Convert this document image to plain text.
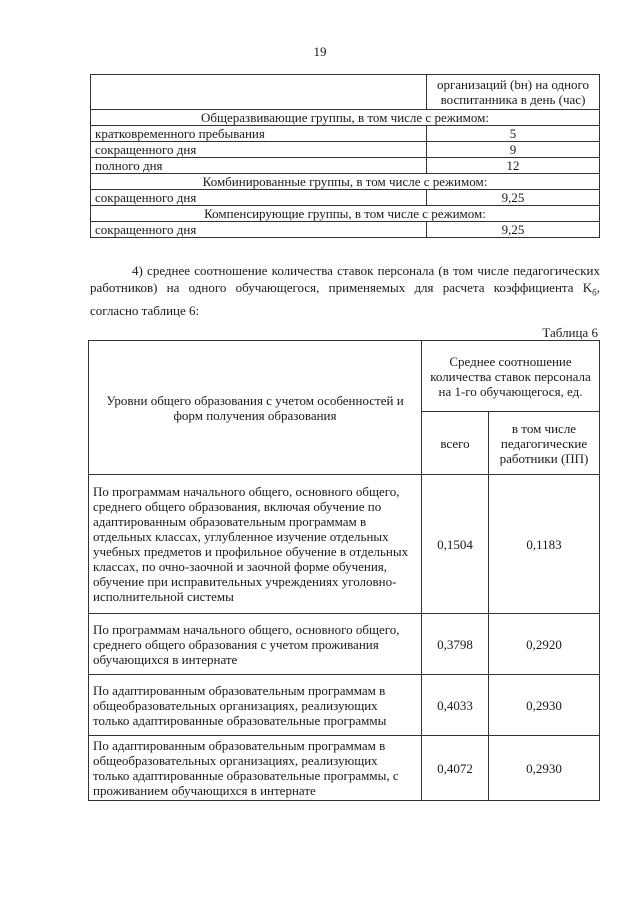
19
	организаций (bн) на одного воспитанника в день (час)
Общеразвивающие группы, в том числе с режимом:	
кратковременного пребывания	5
сокращенного дня	9
полного дня	12
Комбинированные группы, в том числе с режимом:	
сокращенного дня	9,25
Компенсирующие группы, в том числе с режимом:	
сокращенного дня	9,25
4) среднее соотношение количества ставок персонала (в том числе педагогических работников) на одного обучающегося, применяемых для расчета коэффициента $K_б$, согласно таблице 6:
Таблица 6
Уровни общего образования с учетом особенностей и форм получения образования	Среднее соотношение количества ставок персонала на 1-го обучающегося, ед.	
	всего	в том числе педагогические работники (ПП)
По программам начального общего, основного общего, среднего общего образования, включая обучение по адаптированным образовательным программам в отдельных классах, углубленное изучение отдельных учебных предметов и профильное обучение в отдельных классах, по очно-заочной и заочной форме обучения, обучение при исправительных учреждениях уголовно-исполнительной системы	0,1504	0,1183
По программам начального общего, основного общего, среднего общего образования с учетом проживания обучающихся в интернате	0,3798	0,2920
По адаптированным образовательным программам в общеобразовательных организациях, реализующих только адаптированные образовательные программы	0,4033	0,2930
По адаптированным образовательным программам в общеобразовательных организациях, реализующих только адаптированные образовательные программы, с проживанием обучающихся в интернате	0,4072	0,2930
